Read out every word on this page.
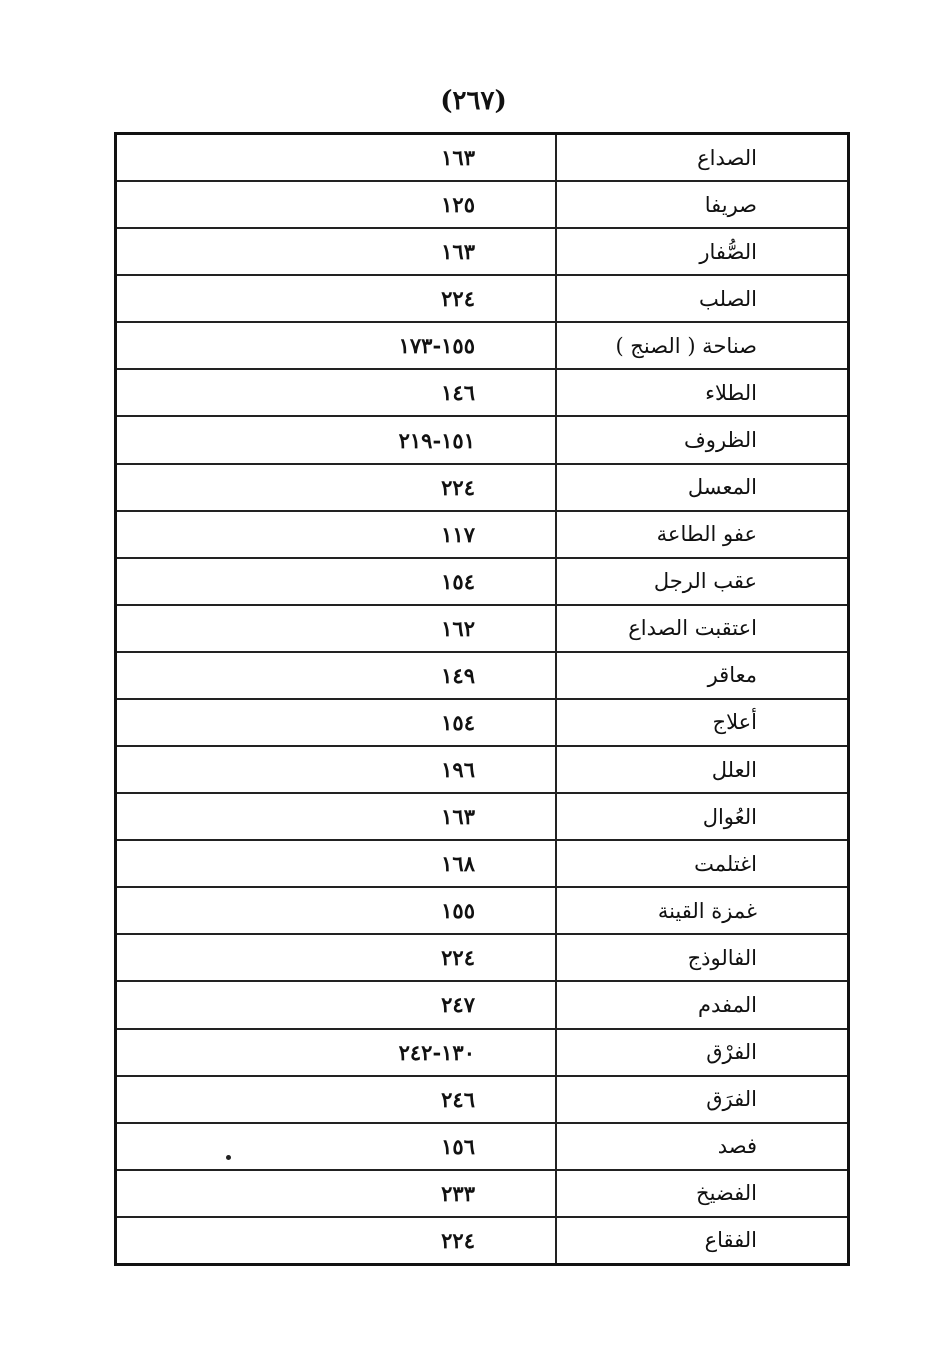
(٢٦٧)
١٦٣	الصداع
١٢٥	صريفا
١٦٣	الصُّفار
٢٢٤	الصلب
١٥٥-١٧٣	صناحة ( الصنج )
١٤٦	الطلاء
١٥١-٢١٩	الظروف
٢٢٤	المعسل
١١٧	عفو الطاعة
١٥٤	عقب الرجل
١٦٢	اعتقبت الصداع
١٤٩	معاقر
١٥٤	أعلاج
١٩٦	العلل
١٦٣	العُوال
١٦٨	اغتلمت
١٥٥	غمزة القينة
٢٢٤	الفالوذج
٢٤٧	المفدم
١٣٠-٢٤٢	الفرْق
٢٤٦	الفرَق
١٥٦	فصد
٢٣٣	الفضيخ
٢٢٤	الفقاع
